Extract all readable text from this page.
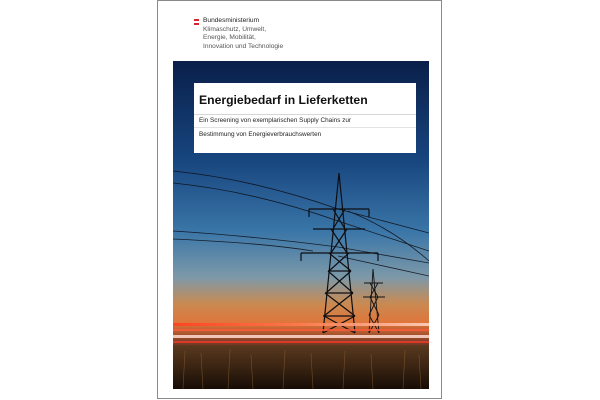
Bundesministerium
Klimaschutz, Umwelt,
Energie, Mobilität,
Innovation und Technologie
Energiebedarf in Lieferketten
Ein Screening von exemplarischen Supply Chains zur
Bestimmung von Energieverbrauchswerten
